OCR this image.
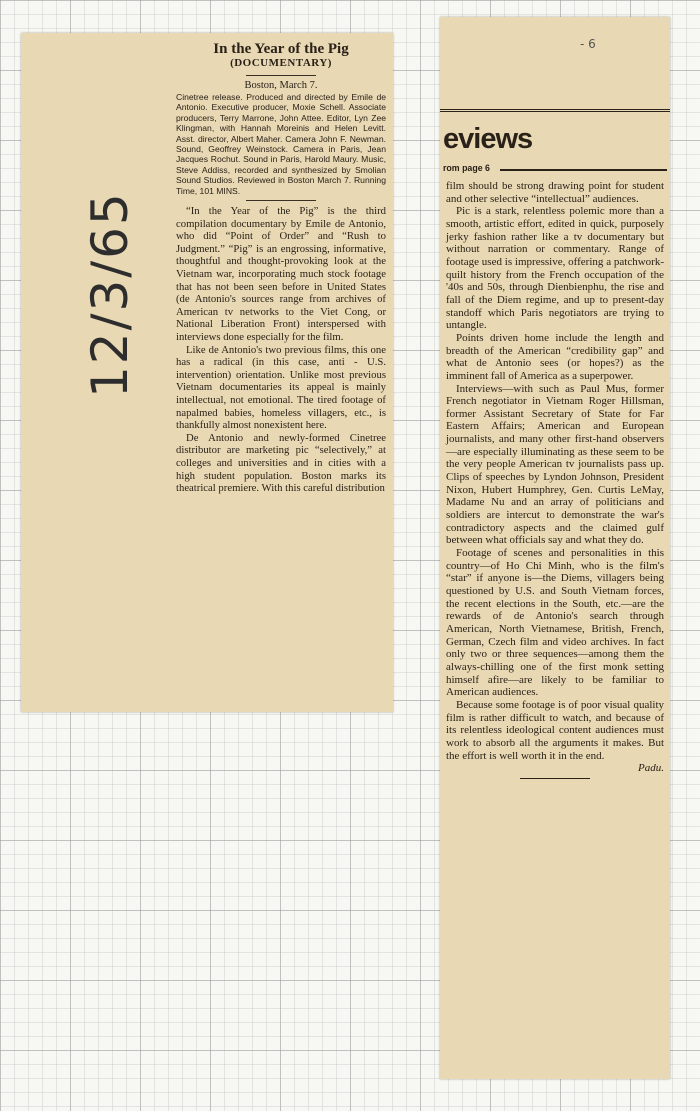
12/3/65

In the Year of the Pig

(DOCUMENTARY)

Boston, March 7.

Cinetree release. Produced and directed by Emile de Antonio. Executive producer, Moxie Schell. Associate producers, Terry Marrone, John Attee. Editor, Lyn Zee Klingman, with Hannah Moreinis and Helen Levitt. Asst. director, Albert Maher. Camera John F. Newman. Sound, Geoffrey Weinstock. Camera in Paris, Jean Jacques Rochut. Sound in Paris, Harold Maury. Music, Steve Addiss, recorded and synthesized by Smolian Sound Studios. Reviewed in Boston March 7. Running Time, 101 MINS.

“In the Year of the Pig” is the third compilation documentary by Emile de Antonio, who did “Point of Order” and “Rush to Judgment.” “Pig” is an engrossing, informative, thoughtful and thought-provoking look at the Vietnam war, incorporating much stock footage that has not been seen before in United States (de Antonio's sources range from archives of American tv networks to the Viet Cong, or National Liberation Front) interspersed with interviews done especially for the film.

Like de Antonio's two previous films, this one has a radical (in this case, anti - U.S. intervention) orientation. Unlike most previous Vietnam documentaries its appeal is mainly intellectual, not emotional. The tired footage of napalmed babies, homeless villagers, etc., is thankfully almost nonexistent here.

De Antonio and newly-formed Cinetree distributor are marketing pic “selectively,” at colleges and universities and in cities with a high student population. Boston marks its theatrical premiere. With this careful distribution

- 6

eviews

rom page 6

film should be strong drawing point for student and other selective “intellectual” audiences.

Pic is a stark, relentless polemic more than a smooth, artistic effort, edited in quick, purposely jerky fashion rather like a tv documentary but without narration or commentary. Range of footage used is impressive, offering a patchwork-quilt history from the French occupation of the '40s and 50s, through Dienbienphu, the rise and fall of the Diem regime, and up to present-day standoff which Paris negotiators are trying to untangle.

Points driven home include the length and breadth of the American “credibility gap” and what de Antonio sees (or hopes?) as the imminent fall of America as a superpower.

Interviews—with such as Paul Mus, former French negotiator in Vietnam Roger Hillsman, former Assistant Secretary of State for Far Eastern Affairs; American and European journalists, and many other first-hand observers—are especially illuminating as these seem to be the very people American tv journalists pass up. Clips of speeches by Lyndon Johnson, President Nixon, Hubert Humphrey, Gen. Curtis LeMay, Madame Nu and an array of politicians and soldiers are intercut to demonstrate the war's contradictory aspects and the claimed gulf between what officials say and what they do.

Footage of scenes and personalities in this country—of Ho Chi Minh, who is the film's “star” if anyone is—the Diems, villagers being questioned by U.S. and South Vietnam forces, the recent elections in the South, etc.—are the rewards of de Antonio's search through American, North Vietnamese, British, French, German, Czech film and video archives. In fact only two or three sequences—among them the always-chilling one of the first monk setting himself afire—are likely to be familiar to American audiences.

Because some footage is of poor visual quality film is rather difficult to watch, and because of its relentless ideological content audiences must work to absorb all the arguments it makes. But the effort is well worth it in the end.

Padu.
